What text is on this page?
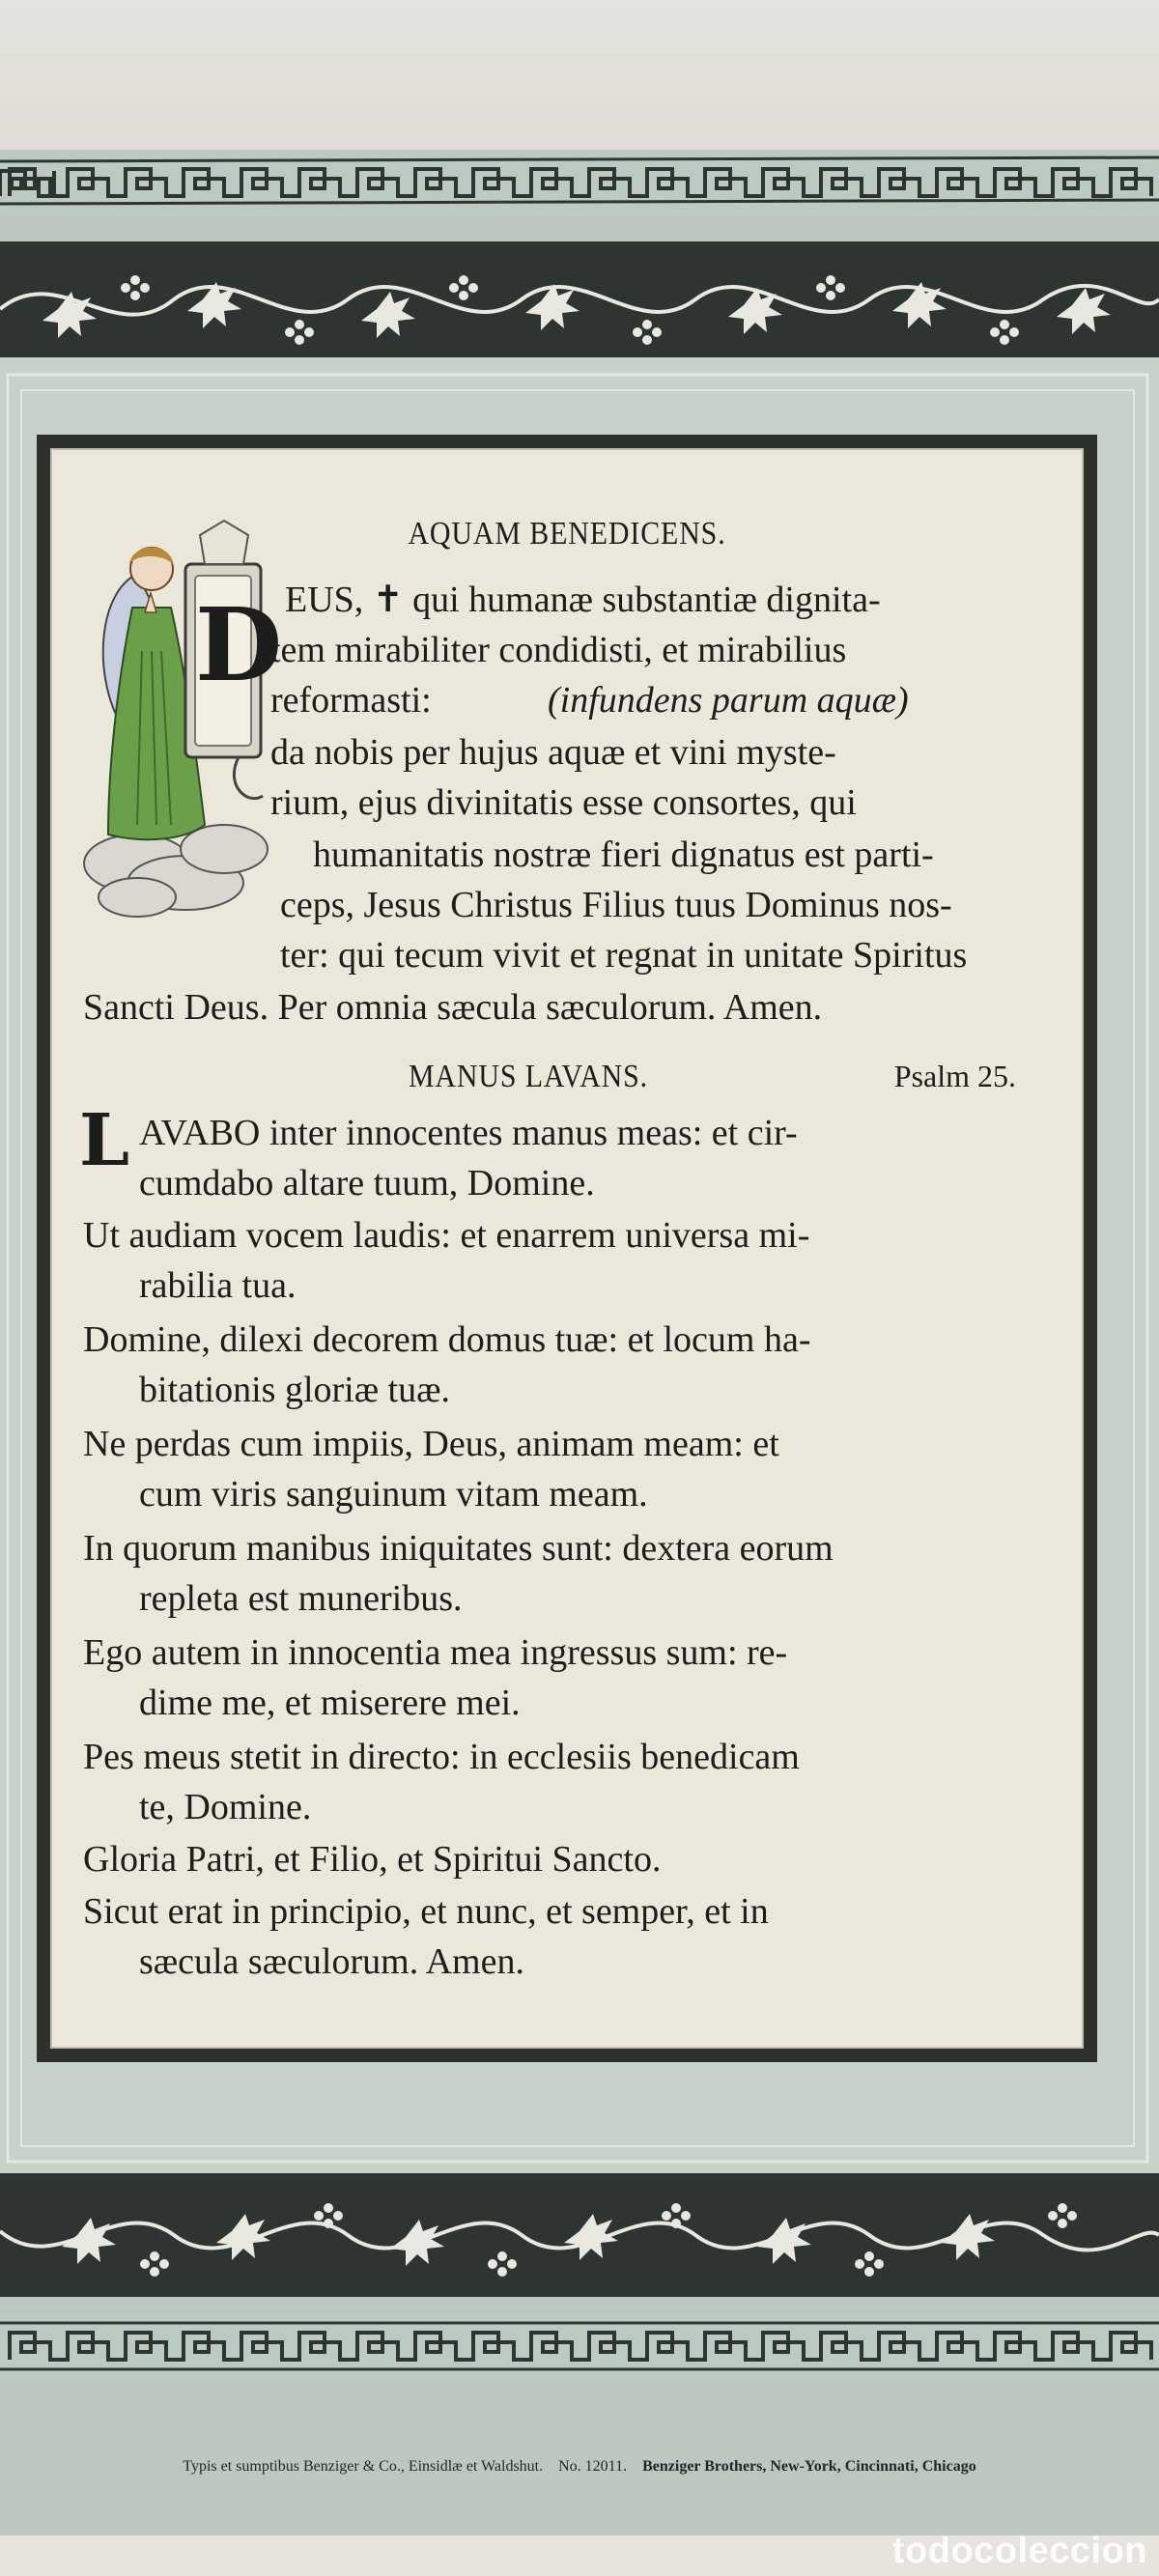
AQUAM BENEDICENS.
D EUS, ✝ qui humanæ substantiæ dignita-
tem mirabiliter condidisti, et mirabilius
reformasti:	(infundens parum aquæ)
da nobis per hujus aquæ et vini myste-
rium, ejus divinitatis esse consortes, qui
humanitatis nostræ fieri dignatus est parti-
ceps, Jesus Christus Filius tuus Dominus nos-
ter: qui tecum vivit et regnat in unitate Spiritus
Sancti Deus. Per omnia sæcula sæculorum. Amen.
MANUS LAVANS.	Psalm 25.
L AVABO inter innocentes manus meas: et cir-
cumdabo altare tuum, Domine.
Ut audiam vocem laudis: et enarrem universa mi-
rabilia tua.
Domine, dilexi decorem domus tuæ: et locum ha-
bitationis gloriæ tuæ.
Ne perdas cum impiis, Deus, animam meam: et
cum viris sanguinum vitam meam.
In quorum manibus iniquitates sunt: dextera eorum
repleta est muneribus.
Ego autem in innocentia mea ingressus sum: re-
dime me, et miserere mei.
Pes meus stetit in directo: in ecclesiis benedicam
te, Domine.
Gloria Patri, et Filio, et Spiritui Sancto.
Sicut erat in principio, et nunc, et semper, et in
sæcula sæculorum. Amen.
Typis et sumptibus Benziger & Co., Einsidlæ et Waldshut. No. 12011. Benziger Brothers, New-York, Cincinnati, Chicago
todocoleccion
